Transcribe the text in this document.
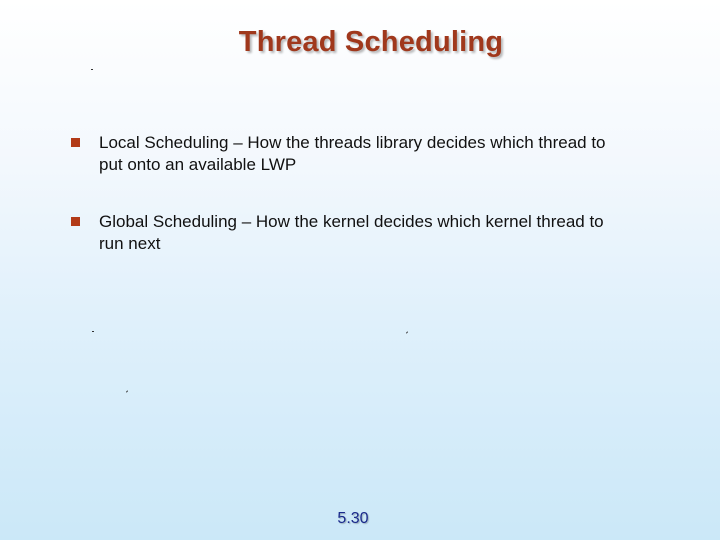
Thread Scheduling
Local Scheduling – How the threads library decides which thread to put onto an available LWP
Global Scheduling – How the kernel decides which kernel thread to run next
5.30
